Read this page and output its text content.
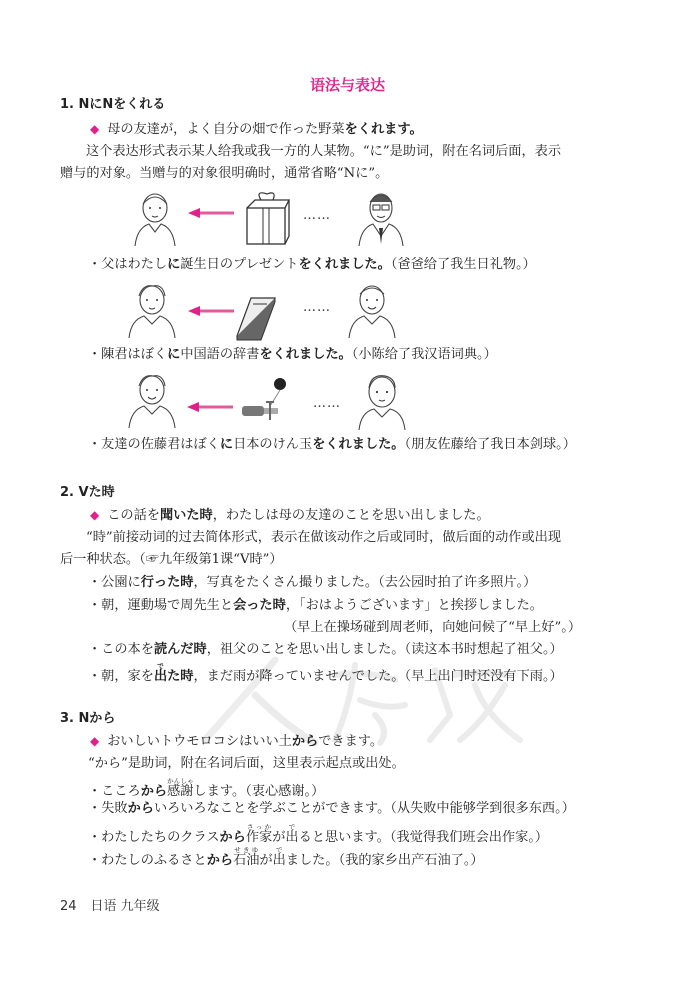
语法与表达
1. NにNをくれる
◆ 母の友達が，よく自分の畑で作った野菜をくれます。
这个表达形式表示某人给我或我一方的人某物。“に”是助词，附在名词后面，表示
赠与的对象。当赠与的对象很明确时，通常省略“Nに”。
……
・父はわたしに誕生日のプレゼントをくれました。（爸爸给了我生日礼物。）
……
・陳君はぼくに中国語の辞書をくれました。（小陈给了我汉语词典。）
……
・友達の佐藤君はぼくに日本のけん玉をくれました。（朋友佐藤给了我日本剑球。）
2. Vた時
◆ この話を聞いた時，わたしは母の友達のことを思い出しました。
“時”前接动词的过去简体形式，表示在做该动作之后或同时，做后面的动作或出现
后一种状态。（☞九年级第1课“V時”）
・公園に行った時，写真をたくさん撮りました。（去公园时拍了许多照片。）
・朝，運動場で周先生と会った時，「おはようございます」と挨拶しました。
（早上在操场碰到周老师，向她问候了“早上好”。）
・この本を読んだ時，祖父のことを思い出しました。（读这本书时想起了祖父。）
・朝，家を出でた時，まだ雨が降っていませんでした。（早上出门时还没有下雨。）
3. Nから
◆ おいしいトウモロコシはいい土からできます。
“から”是助词，附在名词后面，这里表示起点或出处。
・こころから感謝かんしゃします。（衷心感谢。）
・失敗からいろいろなことを学ぶことができます。（从失败中能够学到很多东西。）
・わたしたちのクラスから作家さっかが出でると思います。（我觉得我们班会出作家。）
・わたしのふるさとから石油せきゆが出でました。（我的家乡出产石油了。）
24 日语 九年级
